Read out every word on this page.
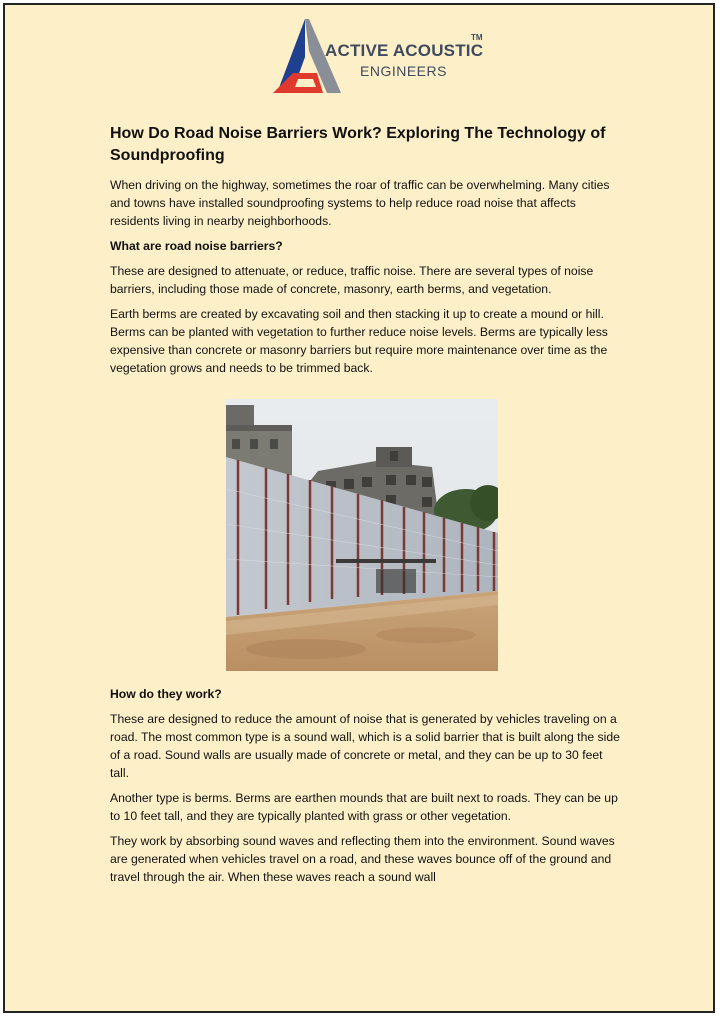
ACTIVE ACOUSTIC
ENGINEERS
TM
How Do Road Noise Barriers Work? Exploring The Technology of Soundproofing

When driving on the highway, sometimes the roar of traffic can be overwhelming. Many cities and towns have installed soundproofing systems to help reduce road noise that affects residents living in nearby neighborhoods.

What are road noise barriers?

These are designed to attenuate, or reduce, traffic noise. There are several types of noise barriers, including those made of concrete, masonry, earth berms, and vegetation.

Earth berms are created by excavating soil and then stacking it up to create a mound or hill. Berms can be planted with vegetation to further reduce noise levels. Berms are typically less expensive than concrete or masonry barriers but require more maintenance over time as the vegetation grows and needs to be trimmed back.

How do they work?

These are designed to reduce the amount of noise that is generated by vehicles traveling on a road. The most common type is a sound wall, which is a solid barrier that is built along the side of a road. Sound walls are usually made of concrete or metal, and they can be up to 30 feet tall.

Another type is berms. Berms are earthen mounds that are built next to roads. They can be up to 10 feet tall, and they are typically planted with grass or other vegetation.

They work by absorbing sound waves and reflecting them into the environment. Sound waves are generated when vehicles travel on a road, and these waves bounce off of the ground and travel through the air. When these waves reach a sound wall
